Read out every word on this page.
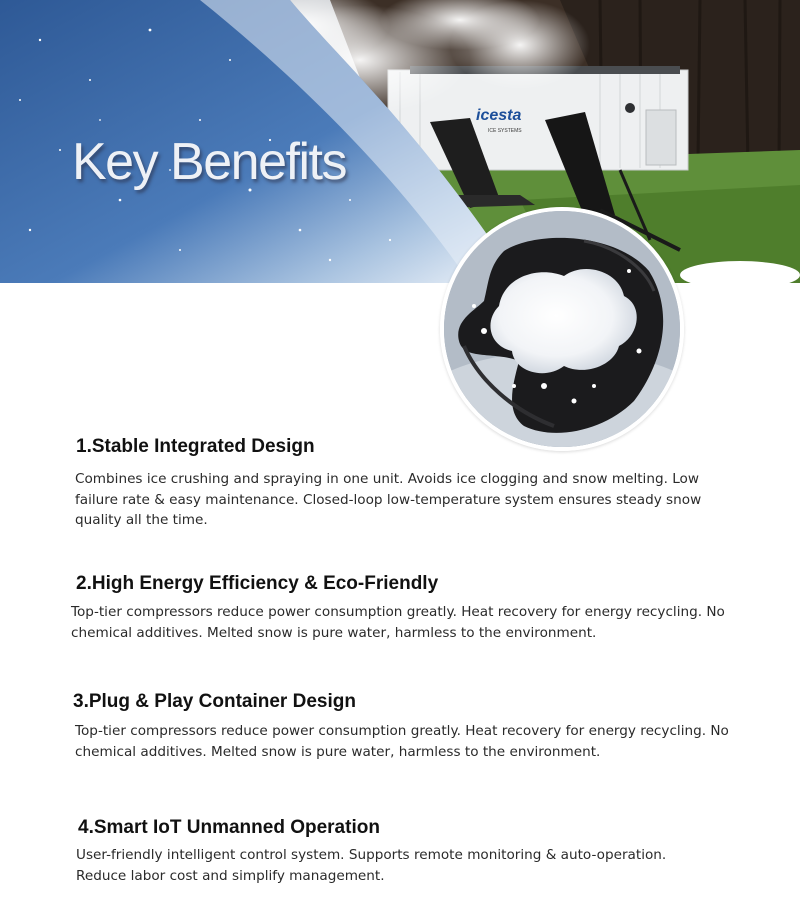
icesta
ICE SYSTEMS
Key Benefits
1.Stable Integrated Design

Combines ice crushing and spraying in one unit. Avoids ice clogging and snow melting. Low failure rate & easy maintenance. Closed-loop low-temperature system ensures steady snow quality all the time.

2.High Energy Efficiency & Eco-Friendly

Top-tier compressors reduce power consumption greatly. Heat recovery for energy recycling. No chemical additives. Melted snow is pure water, harmless to the environment.

3.Plug & Play Container Design

Top-tier compressors reduce power consumption greatly. Heat recovery for energy recycling. No chemical additives. Melted snow is pure water, harmless to the environment.

4.Smart IoT Unmanned Operation

User-friendly intelligent control system. Supports remote monitoring & auto-operation. Reduce labor cost and simplify management.
